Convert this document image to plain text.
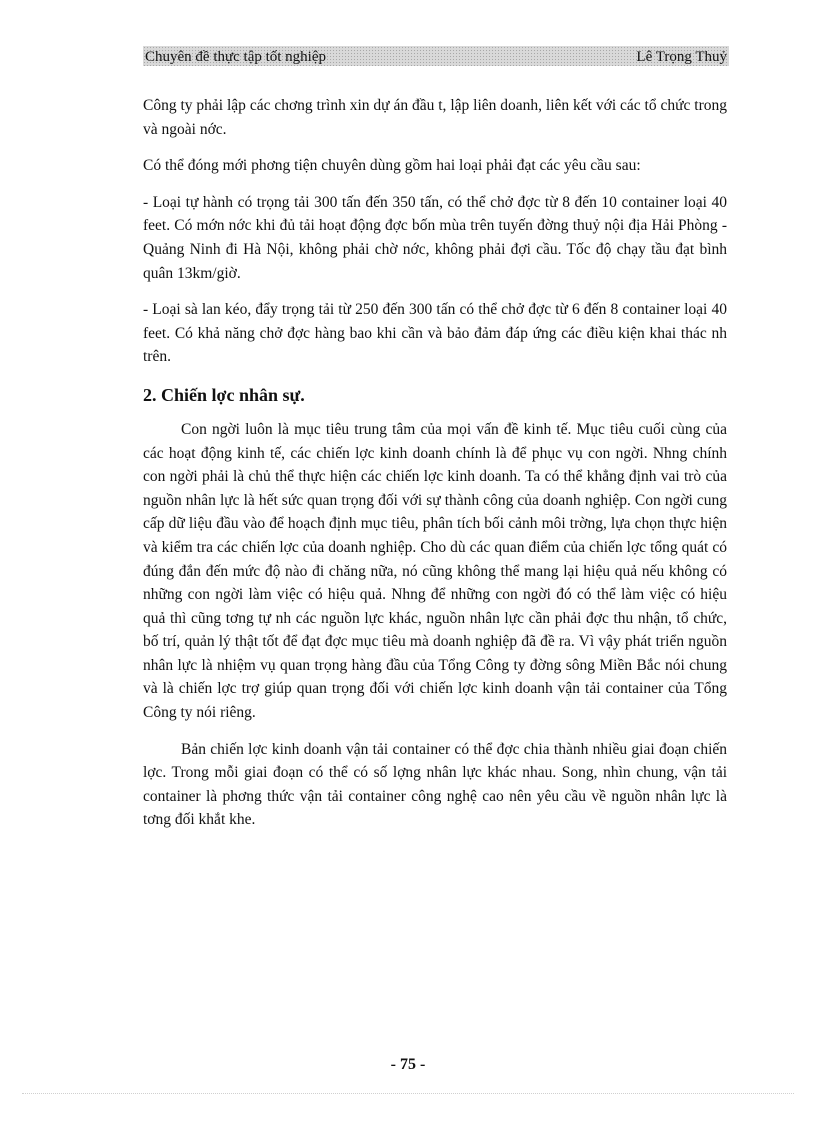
Chuyên đề thực tập tốt nghiệp	Lê Trọng Thuỷ

Công ty phải lập các chơng trình xin dự án đầu t, lập liên doanh, liên kết với các tổ chức trong và ngoài nớc.

Có thể đóng mới phơng tiện chuyên dùng gồm hai loại phải đạt các yêu cầu sau:

- Loại tự hành có trọng tải 300 tấn đến 350 tấn, có thể chở đợc từ 8 đến 10 container loại 40 feet. Có mớn nớc khi đủ tải hoạt động đợc bốn mùa trên tuyến đờng thuỷ nội địa Hải Phòng - Quảng Ninh đi Hà Nội, không phải chờ nớc, không phải đợi cầu. Tốc độ chạy tầu đạt bình quân 13km/giờ.

- Loại sà lan kéo, đẩy trọng tải từ 250 đến 300 tấn có thể chở đợc từ 6 đến 8 container loại 40 feet. Có khả năng chở đợc hàng bao khi cần và bảo đảm đáp ứng các điều kiện khai thác nh trên.

2. Chiến lợc nhân sự.

Con ngời luôn là mục tiêu trung tâm của mọi vấn đề kinh tế. Mục tiêu cuối cùng của các hoạt động kinh tế, các chiến lợc kinh doanh chính là để phục vụ con ngời. Nhng chính con ngời phải là chủ thể thực hiện các chiến lợc kinh doanh. Ta có thể khẳng định vai trò của nguồn nhân lực là hết sức quan trọng đối với sự thành công của doanh nghiệp. Con ngời cung cấp dữ liệu đầu vào để hoạch định mục tiêu, phân tích bối cảnh môi trờng, lựa chọn thực hiện và kiểm tra các chiến lợc của doanh nghiệp. Cho dù các quan điểm của chiến lợc tổng quát có đúng đắn đến mức độ nào đi chăng nữa, nó cũng không thể mang lại hiệu quả nếu không có những con ngời làm việc có hiệu quả. Nhng để những con ngời đó có thể làm việc có hiệu quả thì cũng tơng tự nh các nguồn lực khác, nguồn nhân lực cần phải đợc thu nhận, tổ chức, bố trí, quản lý thật tốt để đạt đợc mục tiêu mà doanh nghiệp đã đề ra. Vì vậy phát triển nguồn nhân lực là nhiệm vụ quan trọng hàng đầu của Tổng Công ty đờng sông Miền Bắc nói chung và là chiến lợc trợ giúp quan trọng đối với chiến lợc kinh doanh vận tải container của Tổng Công ty nói riêng.

Bản chiến lợc kinh doanh vận tải container có thể đợc chia thành nhiều giai đoạn chiến lợc. Trong mỗi giai đoạn có thể có số lợng nhân lực khác nhau. Song, nhìn chung, vận tải container là phơng thức vận tải container công nghệ cao nên yêu cầu về nguồn nhân lực là tơng đối khắt khe.

- 75 -
